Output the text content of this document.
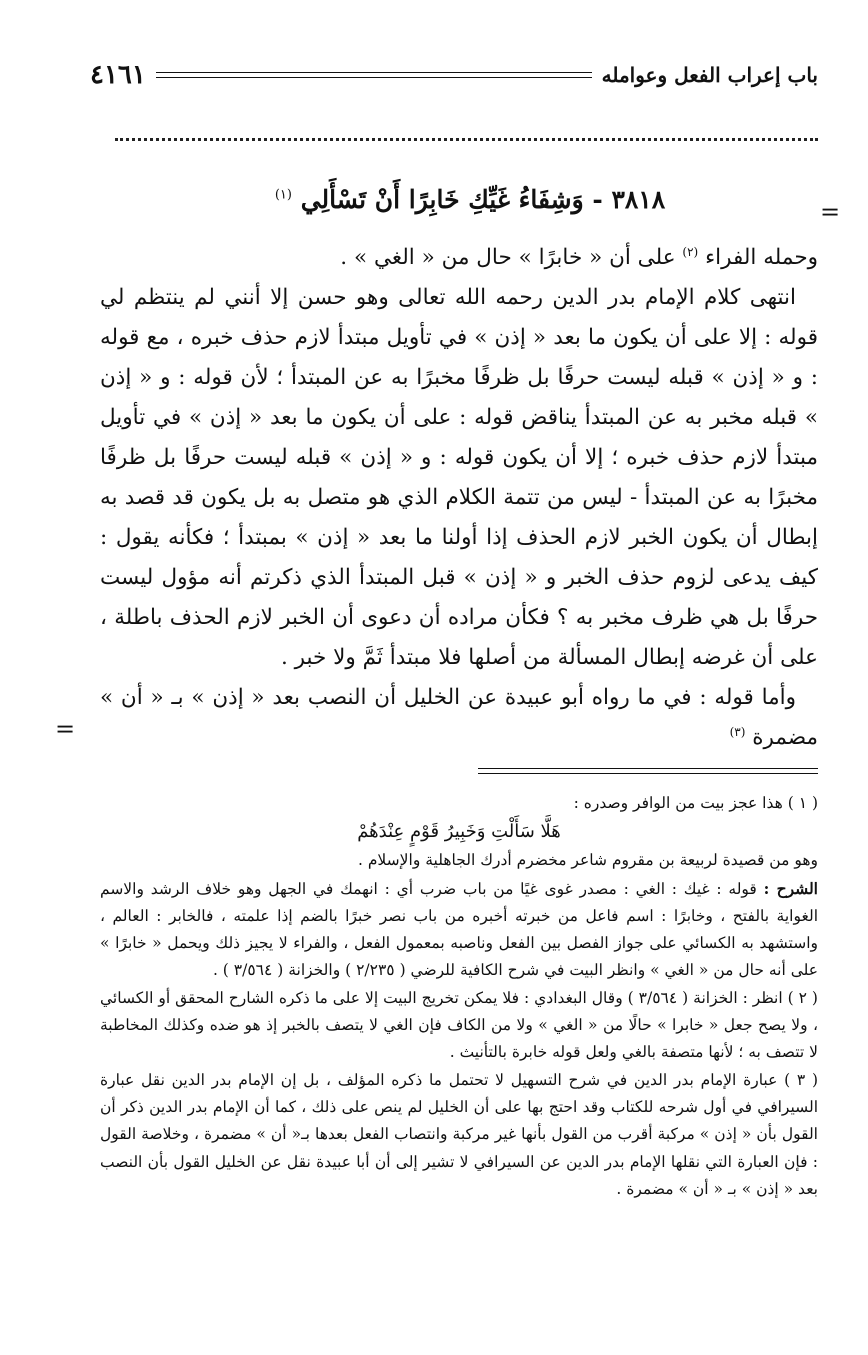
باب إعراب الفعل وعوامله
٤١٦١
=
٣٨١٨ - وَشِفَاءُ غَيِّكِ خَابِرًا أَنْ تَسْأَلِي $^{(١)}$

وحمله الفراء $^{(٢)}$ على أن « خابرًا » حال من « الغي » .

انتهى كلام الإمام بدر الدين رحمه الله تعالى وهو حسن إلا أنني لم ينتظم لي قوله : إلا على أن يكون ما بعد « إذن » في تأويل مبتدأ لازم حذف خبره ، مع قوله : و « إذن » قبله ليست حرفًا بل ظرفًا مخبرًا به عن المبتدأ ؛ لأن قوله : و « إذن » قبله مخبر به عن المبتدأ يناقض قوله : على أن يكون ما بعد « إذن » في تأويل مبتدأ لازم حذف خبره ؛ إلا أن يكون قوله : و « إذن » قبله ليست حرفًا بل ظرفًا مخبرًا به عن المبتدأ - ليس من تتمة الكلام الذي هو متصل به بل يكون قد قصد به إبطال أن يكون الخبر لازم الحذف إذا أولنا ما بعد « إذن » بمبتدأ ؛ فكأنه يقول : كيف يدعى لزوم حذف الخبر و « إذن » قبل المبتدأ الذي ذكرتم أنه مؤول ليست حرفًا بل هي ظرف مخبر به ؟ فكأن مراده أن دعوى أن الخبر لازم الحذف باطلة ، على أن غرضه إبطال المسألة من أصلها فلا مبتدأ ثَمَّ ولا خبر .

وأما قوله : في ما رواه أبو عبيدة عن الخليل أن النصب بعد « إذن » بـ « أن » مضمرة $^{(٣)}$

=

( ١ ) هذا عجز بيت من الوافر وصدره :

هَلَّا سَأَلْتِ وَخَبِيرُ قَوْمٍ عِنْدَهُمْ

وهو من قصيدة لربيعة بن مقروم شاعر مخضرم أدرك الجاهلية والإسلام .

الشرح : قوله : غيك : الغي : مصدر غوى غيًا من باب ضرب أي : انهمك في الجهل وهو خلاف الرشد والاسم الغواية بالفتح ، وخابرًا : اسم فاعل من خبرته أخبره من باب نصر خبرًا بالضم إذا علمته ، فالخابر : العالم ، واستشهد به الكسائي على جواز الفصل بين الفعل وناصبه بمعمول الفعل ، والفراء لا يجيز ذلك ويحمل « خابرًا » على أنه حال من « الغي » وانظر البيت في شرح الكافية للرضي ( ٢/٢٣٥ ) والخزانة ( ٣/٥٦٤ ) .

( ٢ ) انظر : الخزانة ( ٣/٥٦٤ ) وقال البغدادي : فلا يمكن تخريج البيت إلا على ما ذكره الشارح المحقق أو الكسائي ، ولا يصح جعل « خابرا » حالًا من « الغي » ولا من الكاف فإن الغي لا يتصف بالخبر إذ هو ضده وكذلك المخاطبة لا تتصف به ؛ لأنها متصفة بالغي ولعل قوله خابرة بالتأنيث .

( ٣ ) عبارة الإمام بدر الدين في شرح التسهيل لا تحتمل ما ذكره المؤلف ، بل إن الإمام بدر الدين نقل عبارة السيرافي في أول شرحه للكتاب وقد احتج بها على أن الخليل لم ينص على ذلك ، كما أن الإمام بدر الدين ذكر أن القول بأن « إذن » مركبة أقرب من القول بأنها غير مركبة وانتصاب الفعل بعدها بـ« أن » مضمرة ، وخلاصة القول : فإن العبارة التي نقلها الإمام بدر الدين عن السيرافي لا تشير إلى أن أبا عبيدة نقل عن الخليل القول بأن النصب بعد « إذن » بـ « أن » مضمرة .
